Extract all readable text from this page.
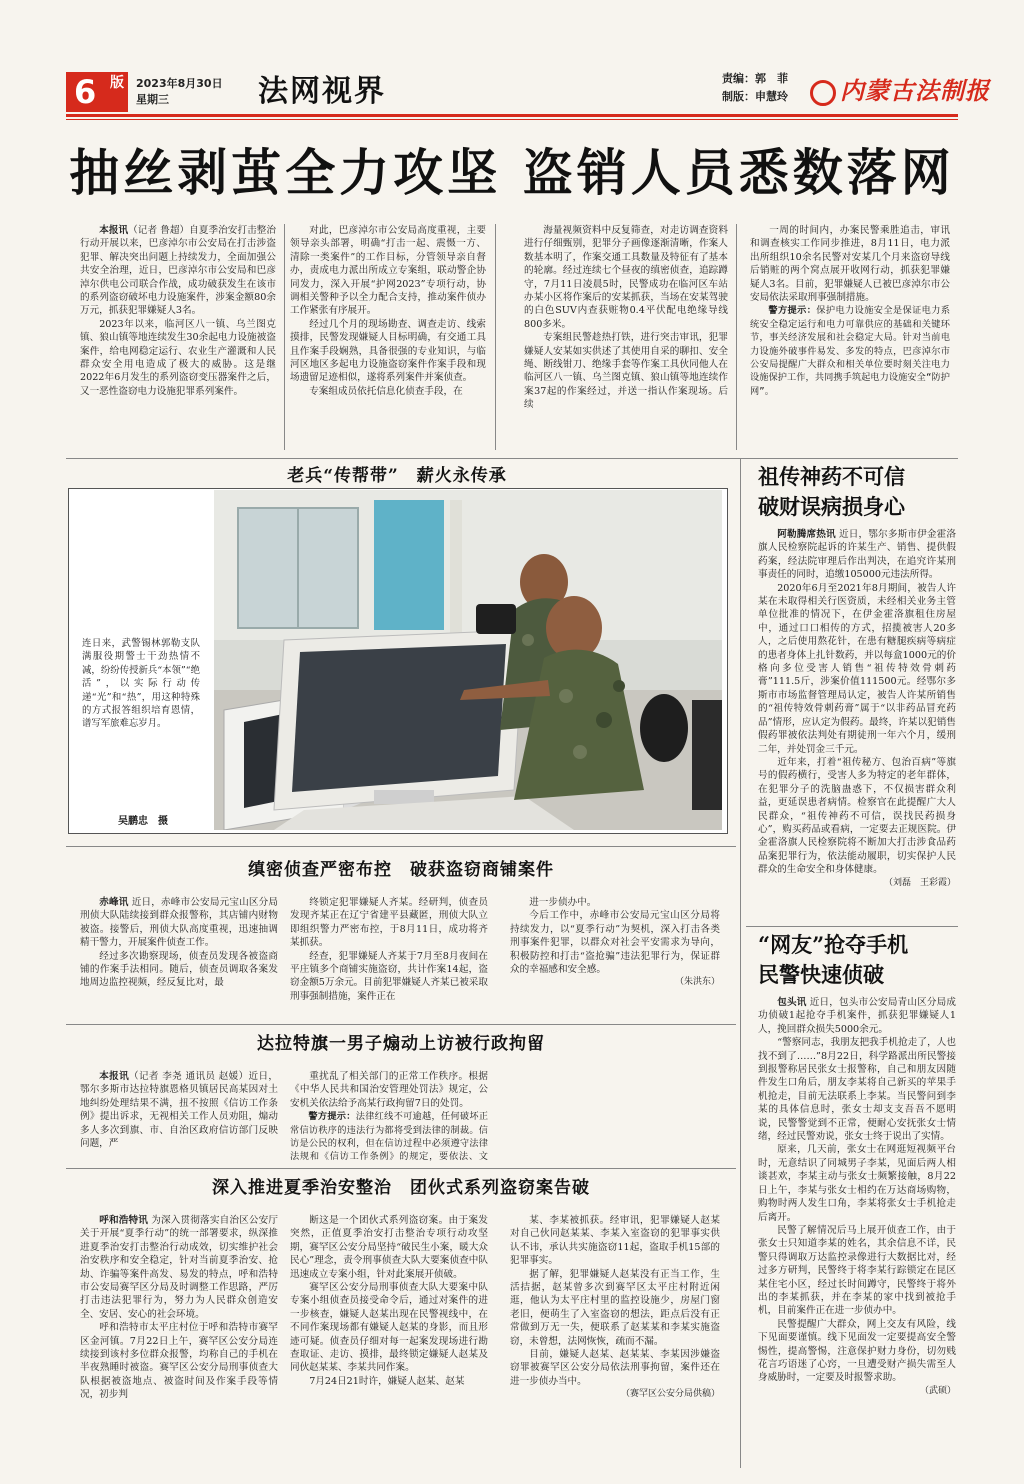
6 版 2023年8月30日
星期三	法网视界	责编：郭　菲
制版：申慧玲	内蒙古法制报
抽丝剥茧全力攻坚 盗销人员悉数落网

本报讯（记者 鲁超）自夏季治安打击整治行动开展以来，巴彦淖尔市公安局在打击涉盗犯罪、解决突出问题上持续发力，全面加强公共安全治理，近日，巴彦淖尔市公安局和巴彦淖尔供电公司联合作战，成功破获发生在该市的系列盗窃破坏电力设施案件，涉案金额80余万元，抓获犯罪嫌疑人3名。

2023年以来，临河区八一镇、乌兰图克镇、狼山镇等地连续发生30余起电力设施被盗案件，给电网稳定运行、农业生产灌溉和人民群众安全用电造成了极大的威胁。这是继2022年6月发生的系列盗窃变压器案件之后，又一恶性盗窃电力设施犯罪系列案件。

对此，巴彦淖尔市公安局高度重视，主要领导亲头部署，明确“打击一起、震慑一方、清除一类案件”的工作目标，分管领导亲自督办，责成电力派出所成立专案组，联动警企协同发力，深入开展“护网2023”专项行动，协调相关警种予以全力配合支持，推动案件侦办工作紧张有序展开。

经过几个月的现场勘查、调查走访、线索摸排，民警发现嫌疑人目标明确，有交通工具且作案手段娴熟，具备很强的专业知识，与临河区地区多起电力设施盗窃案件作案手段和现场遗留足迹相似，遂将系列案件并案侦查。

专案组成员依托信息化侦查手段，在

海量视频资料中反复筛查，对走访调查资料进行仔细甄别，犯罪分子画像逐渐清晰，作案人数基本明了，作案交通工具数量及特征有了基本的轮廓。经过连续七个昼夜的缜密侦查，追踪蹲守，7月11日凌晨5时，民警成功在临河区车站办某小区将作案后的安某抓获，当场在安某驾驶的白色SUV内查获赃物0.4平伏配电绝缘导线800多米。

专案组民警趁热打铁，进行突击审讯，犯罪嫌疑人安某如实供述了其使用自采的聊扣、安全绳、断线钳刀、绝缘手套等作案工具伙同他人在临河区八一镇、乌兰图克镇、狼山镇等地连续作案37起的作案经过，并送一指认作案现场。后续

一周的时间内，办案民警乘胜追击，审讯和调查核实工作同步推进，8月11日，电力派出所组织10余名民警对安某几个月来盗窃导线后销赃的两个窝点展开收网行动，抓获犯罪嫌疑人3名。目前，犯罪嫌疑人已被巴彦淖尔市公安局依法采取刑事强制措施。

警方提示：保护电力设施安全是保证电力系统安全稳定运行和电力可靠供应的基础和关键环节，事关经济发展和社会稳定大局。针对当前电力设施外破事件易发、多发的特点，巴彦淖尔市公安局提醒广大群众和相关单位要时刻关注电力设施保护工作，共同携手筑起电力设施安全“防护网”。

老兵“传帮带”　薪火永传承
连日来，武警锡林郭勒支队满服役期警士干劲热情不减，纷纷传授新兵“本领”“绝活”，以实际行动传递“光”和“热”，用这种特殊的方式报答组织培育恩情，谱写军旅难忘岁月。
吴鹏忠　摄
缜密侦查严密布控　破获盗窃商铺案件

赤峰讯 近日，赤峰市公安局元宝山区分局刑侦大队陆续接到群众报警称，其店铺内财物被盗。接警后，刑侦大队高度重视，迅速抽调精干警力，开展案件侦查工作。

经过多次勘察现场，侦查员发现各被盗商铺的作案手法相同。随后，侦查员调取各案发地周边监控视频，经反复比对，最

终锁定犯罪嫌疑人齐某。经研判，侦查员发现齐某正在辽宁省建平县藏匿，刑侦大队立即组织警力严密布控，于8月11日，成功将齐某抓获。

经查，犯罪嫌疑人齐某于7月至8月夜间在平庄镇多个商铺实施盗窃，共计作案14起，盗窃金额5万余元。目前犯罪嫌疑人齐某已被采取刑事强制措施，案件正在

进一步侦办中。

今后工作中，赤峰市公安局元宝山区分局将持续发力，以“夏季行动”为契机，深入打击各类刑事案件犯罪，以群众对社会平安需求为导向，积极防控和打击“盗抢骗”违法犯罪行为，保证群众的幸福感和安全感。

（朱洪东）
达拉特旗一男子煽动上访被行政拘留

本报讯（记者 李尧 通讯员 赵媛）近日，鄂尔多斯市达拉特旗恩格贝镇居民高某因对土地纠纷处理结果不满，扭不按照《信访工作条例》提出诉求，无视相关工作人员劝阻，煽动多人多次到旗、市、自治区政府信访部门反映问题，严

重扰乱了相关部门的正常工作秩序。根据《中华人民共和国治安管理处罚法》规定，公安机关依法给予高某行政拘留7日的处罚。

警方提示：法律红线不可逾越，任何破坏正常信访秩序的违法行为都将受到法律的制裁。信访是公民的权利，但在信访过程中必须遵守法律法规和《信访工作条例》的规定，要依法、文

深入推进夏季治安整治　团伙式系列盗窃案告破

呼和浩特讯 为深入贯彻落实自治区公安厅关于开展“夏季行动”的统一部署要求，纵深推进夏季治安打击整治行动成效，切实维护社会治安秩序和安全稳定，针对当前夏季治安、抢劫、诈骗等案件高发、易发的特点，呼和浩特市公安局赛罕区分局及时调整工作思路，严厉打击违法犯罪行为，努力为人民群众创造安全、安居、安心的社会环境。

呼和浩特市太平庄村位于呼和浩特市赛罕区金河镇。7月22日上午，赛罕区公安分局连续接到该村多位群众报警，均称自己的手机在半夜熟睡时被盗。赛罕区公安分局刑事侦查大队根据被盗地点、被盗时间及作案手段等情况，初步判

断这是一个团伙式系列盗窃案。由于案发突然，正值夏季治安打击整治专项行动攻坚期，赛罕区公安分局坚持“破民生小案，暖大众民心”理念，责令刑事侦查大队大要案侦查中队迅速成立专案小组，针对此案展开侦破。

赛罕区公安分局刑事侦查大队大要案中队专案小组侦查员接受命令后，通过对案件的进一步核查，嫌疑人赵某出现在民警视线中，在不同作案现场都有嫌疑人赵某的身影，而且形迹可疑。侦查员仔细对每一起案发现场进行勘查取证、走访、摸排，最终锁定嫌疑人赵某及同伙赵某某、李某共同作案。

7月24日21时许，嫌疑人赵某、赵某

某、李某被抓获。经审讯，犯罪嫌疑人赵某对自己伙同赵某某、李某入室盗窃的犯罪事实供认不讳，承认共实施盗窃11起，盗取手机15部的犯罪事实。

据了解，犯罪嫌疑人赵某没有正当工作，生活拮据，赵某曾多次到赛罕区太平庄村附近闲逛，他认为太平庄村里的监控设施少，房屋门窗老旧，便萌生了入室盗窃的想法，距点后没有正常做到万无一失，便联系了赵某某和李某实施盗窃，未曾想，法网恢恢，疏而不漏。

目前，嫌疑人赵某、赵某某、李某因涉嫌盗窃罪被赛罕区公安分局依法刑事拘留，案件还在进一步侦办当中。

（赛罕区公安分局供稿）
祖传神药不可信
破财误病损身心

阿勒腾席热讯 近日，鄂尔多斯市伊金霍洛旗人民检察院起诉的许某生产、销售、提供假药案，经法院审理后作出判决，在追究许某刑事责任的同时，追缴105000元违法所得。

2020年6月至2021年8月期间，被告人许某在未取得相关行医资质，未经相关业务主管单位批准的情况下，在伊金霍洛旗租住房屋中，通过口口相传的方式，招揽被害人20多人，之后使用熬花针，在患有糖腿疾病等病症的患者身体上扎针数药，并以每盒1000元的价格向多位受害人销售“祖传特效骨刺药膏”111.5斤，涉案价值111500元。经鄂尔多斯市市场监督管理局认定，被告人许某所销售的“祖传特效骨刺药膏”属于“以非药品冒充药品”情形，应认定为假药。最终，许某以犯销售假药罪被依法判处有期徒刑一年六个月，缓刑二年，并处罚金三千元。

近年来，打着“祖传秘方、包治百病”等旗号的假药横行，受害人多为特定的老年群体，在犯罪分子的洗脑蛊惑下，不仅损害群众利益，更延误患者病情。检察官在此提醒广大人民群众，“祖传神药不可信，误找民药损身心”，购买药品或看病，一定要去正规医院。伊金霍洛旗人民检察院将不断加大打击涉食品药品案犯罪行为，依法能动履职，切实保护人民群众的生命安全和身体健康。

（刘磊　王彩霞）
“网友”抢夺手机
民警快速侦破

包头讯 近日，包头市公安局青山区分局成功侦破1起抢夺手机案件，抓获犯罪嫌疑人1人，挽回群众损失5000余元。

“警察同志，我朋友把我手机抢走了，人也找不到了……”8月22日，科学路派出所民警接到报警称居民张女士报警称，自己和朋友因随件发生口角后，朋友李某将自己新买的苹果手机抢走，目前无法联系上李某。当民警问到李某的具体信息时，张女士却支支吾吾不愿明说，民警警觉到不正常，便耐心安抚张女士情绪，经过民警劝说，张女士终于说出了实情。

原来，几天前，张女士在网逛短视频平台时，无意结识了同城男子李某，见面后两人相谈甚欢，李某主动与张女士频繁接触，8月22日上午，李某与张女士相约在万达商场购物，购物时两人发生口角，李某将张女士手机抢走后离开。

民警了解情况后马上展开侦查工作，由于张女士只知道李某的姓名，其余信息不详，民警只得调取万达监控录像进行大数据比对，经过多方研判，民警终于将李某行踪锁定在昆区某住宅小区，经过长时间蹲守，民警终于将外出的李某抓获，并在李某的家中找到被抢手机，目前案件正在进一步侦办中。

民警提醒广大群众，网上交友有风险，线下见面要谨慎。线下见面发一定要提高安全警惕性，提高警惕，注意保护财力身份，切勿贱花言巧语迷了心窍，一旦遭受财产损失需至人身威胁时，一定要及时报警求助。

（武硕）
